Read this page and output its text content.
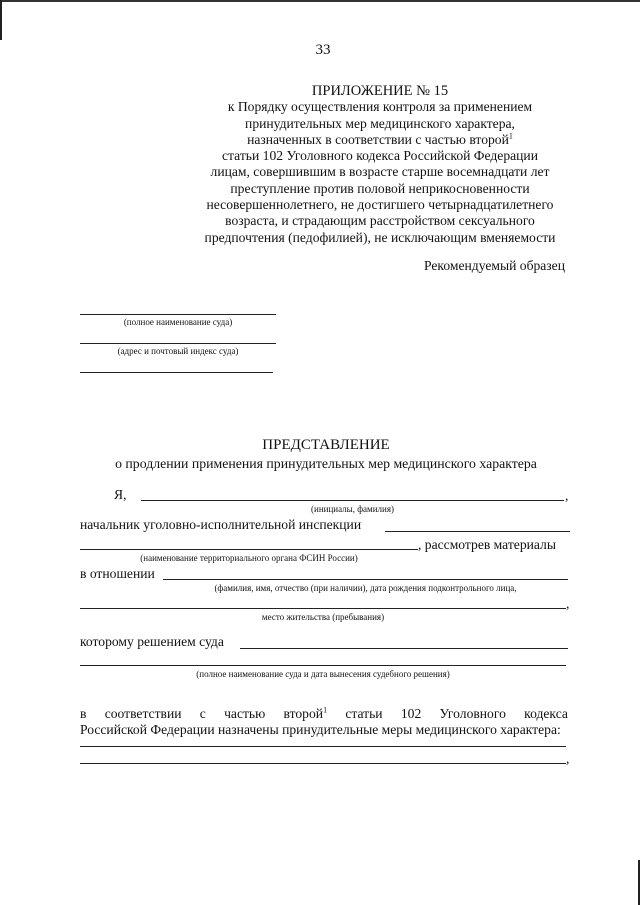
33
ПРИЛОЖЕНИЕ № 15
к Порядку осуществления контроля за применением
принудительных мер медицинского характера,
назначенных в соответствии с частью второй$^1$
статьи 102 Уголовного кодекса Российской Федерации
лицам, совершившим в возрасте старше восемнадцати лет
преступление против половой неприкосновенности
несовершеннолетнего, не достигшего четырнадцатилетнего
возраста, и страдающим расстройством сексуального
предпочтения (педофилией), не исключающим вменяемости
Рекомендуемый образец
(полное наименование суда)
(адрес и почтовый индекс суда)
ПРЕДСТАВЛЕНИЕ
о продлении применения принудительных мер медицинского характера
Я,	,
(инициалы, фамилия)
начальник уголовно-исполнительной инспекции
, рассмотрев материалы
(наименование территориального органа ФСИН России)
в отношении
(фамилия, имя, отчество (при наличии), дата рождения подконтрольного лица,
,
место жительства (пребывания)
которому решением суда
(полное наименование суда и дата вынесения судебного решения)
в соответствии с частью второй$^1$ статьи 102 Уголовного кодекса
Российской Федерации назначены принудительные меры медицинского характера:
,
